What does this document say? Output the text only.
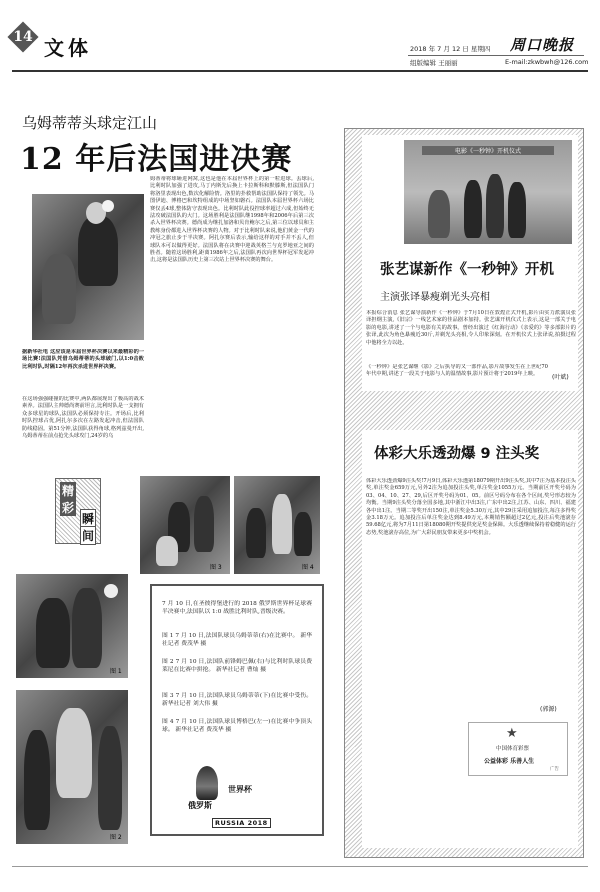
14 文体	2018 年 7 月 12 日 星期四 周口晚报
组版编辑 王丽丽	E-mail:zkwbwh@126.com
乌姆蒂蒂头球定江山
12 年后法国进决赛
据新华社电 这应该是本届世界杯决赛以来最精彩的一场比赛!法国队凭借乌姆蒂蒂的头球破门,以1:0击败比利时队,时隔12年再次杀进世界杯决赛。
在这场强强碰撞的比赛中,两队都展现出了极高的战术素养。法国队主帅德尚赛前坦言,比利时队是一支拥有众多球星的球队,法国队必须保持专注。开场后,比利时队控球占优,阿扎尔多次在左路发起冲击,但法国队防线稳固。第51分钟,法国队获得角球,格列兹曼开出,乌姆蒂蒂在前点抢先头球攻门,24岁的乌
姆蒂蒂将球砸进网窝,这也是他在本届世界杯上的第一粒进球。丢球后,比利时队加强了进攻,马丁内斯先后换上卡拉斯科和默滕斯,但法国队门将洛里表现出色,数次化解险情。洛里的扑救帮助法国队保持了领先。马图伊迪、博格巴和坎特组成的中场坚如磐石。法国队本届世界杯六场比赛仅丢4球,整体防守表现出色。比利时队此役控球率超过六成,但始终无法攻破法国队的大门。这场胜利是法国队继1998年和2006年后第三次杀入世界杯决赛。德尚成为继扎加洛和贝肯鲍尔之后,第三位以球员和主教练身份都进入世界杯决赛的人物。对于比利时队来说,他们黄金一代的冲冠之旅止步于半决赛。阿扎尔赛后表示,输给这样的对手并不丢人,但球队本可以做得更好。法国队将在决赛中迎战英格兰与克罗地亚之间的胜者。随着这场胜利,距离1986年之后,法国队再次向世界杯冠军发起冲击,这将是法国队历史上第三次站上世界杯决赛的舞台。
精
彩
瞬
间
图 3	图 4
图 1
图 2
7 月 10 日,在圣彼得堡进行的 2018 俄罗斯世界杯足球赛半决赛中,法国队以 1:0 战胜比利时队,晋级决赛。
图 1 7 月 10 日,法国队球员乌姆蒂蒂(右)在比赛中。 新华社记者 费茂华 摄
图 2 7 月 10 日,法国队前锋姆巴佩(右)与比利时队球员费莱尼在比赛中拼抢。 新华社记者 曹灿 摄
图 3 7 月 10 日,法国队球员乌姆蒂蒂(下)在比赛中受伤。 新华社记者 刘大伟 摄
图 4 7 月 10 日,法国队球员博格巴(左一)在比赛中争顶头球。 新华社记者 费茂华 摄
俄罗斯
世界杯
RUSSIA 2018
电影《一秒钟》开机仪式
张艺谋新作《一秒钟》开机
主演张译暴瘦剃光头亮相
本报综合消息 张艺谋导演新作《一秒钟》于7月10日在敦煌正式开机,影片由实力派演员张译担纲主演,《旧宗》一线艺术家的佳品剧本加持。张艺谋开机仪式上表示,这是一部关于电影的电影,讲述了一个与电影有关的故事。曾经出演过《红海行动》《亲爱的》等多部影片的张译,此次为角色暴瘦近30斤,并剃光头亮相,令人印象深刻。在开机仪式上张译说,拍摄过程中他将全力以赴。
《一秒钟》是张艺谋继《影》之后执导的又一部作品,影片故事发生在上世纪70年代中期,讲述了一段关于电影与人的温情故事,影片预计将于2019年上映。	(叶斌)
体彩大乐透劲爆 9 注头奖
体彩大乐透劲爆9注头奖!7月9日,体彩大乐透第18079期开出9注头奖,其中7注为基本投注头奖,单注奖金659万元,另外2注为追加投注头奖,单注奖金1055万元。当期前区开奖号码为03、04、10、27、29,后区开奖号码为01、05。前区号码分布在各个区间,奖号形态较为均衡。当期9注头奖分落全国多地,其中浙江中出3注,广东中出2注,江苏、山东、四川、福建各中出1注。当期二等奖开出150注,单注奖金5.30万元,其中29注采用追加投注,每注多得奖金3.18万元。追加投注后单注奖金达到8.49万元,本期销售额超过2亿元,投注后奖池滚存59.68亿元,将为7月11日第18080期开奖提供充足奖金保障。大乐透继续保持着稳健的运行态势,奖池滚存高位,为广大彩民朋友带来更多中奖机会。
(郭源)
★
中国体育彩票
公益体彩 乐善人生
广告
